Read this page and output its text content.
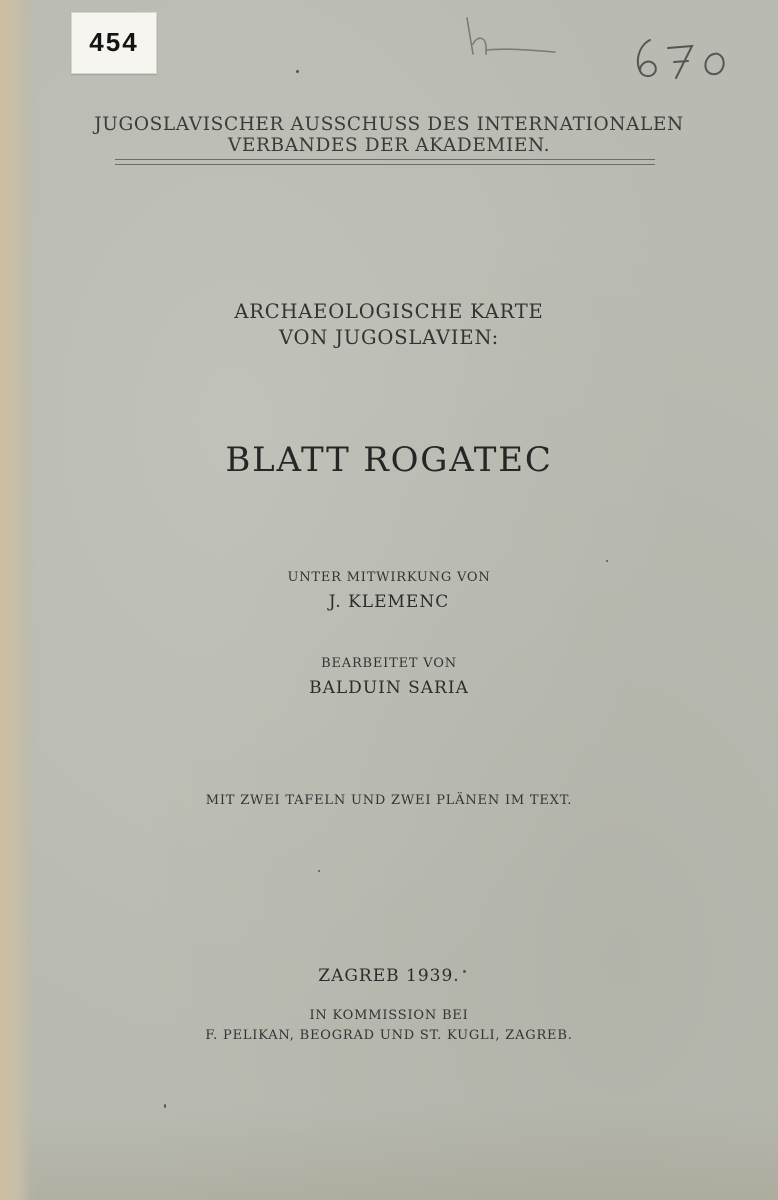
454
h
670
JUGOSLAVISCHER AUSSCHUSS DES INTERNATIONALEN
VERBANDES DER AKADEMIEN.
ARCHAEOLOGISCHE KARTE
VON JUGOSLAVIEN:
BLATT ROGATEC
UNTER MITWIRKUNG VON
J. KLEMENC
BEARBEITET VON
BALDUIN SARIA
MIT ZWEI TAFELN UND ZWEI PLÄNEN IM TEXT.
ZAGREB 1939.
IN KOMMISSION BEI
F. PELIKAN, BEOGRAD UND ST. KUGLI, ZAGREB.
